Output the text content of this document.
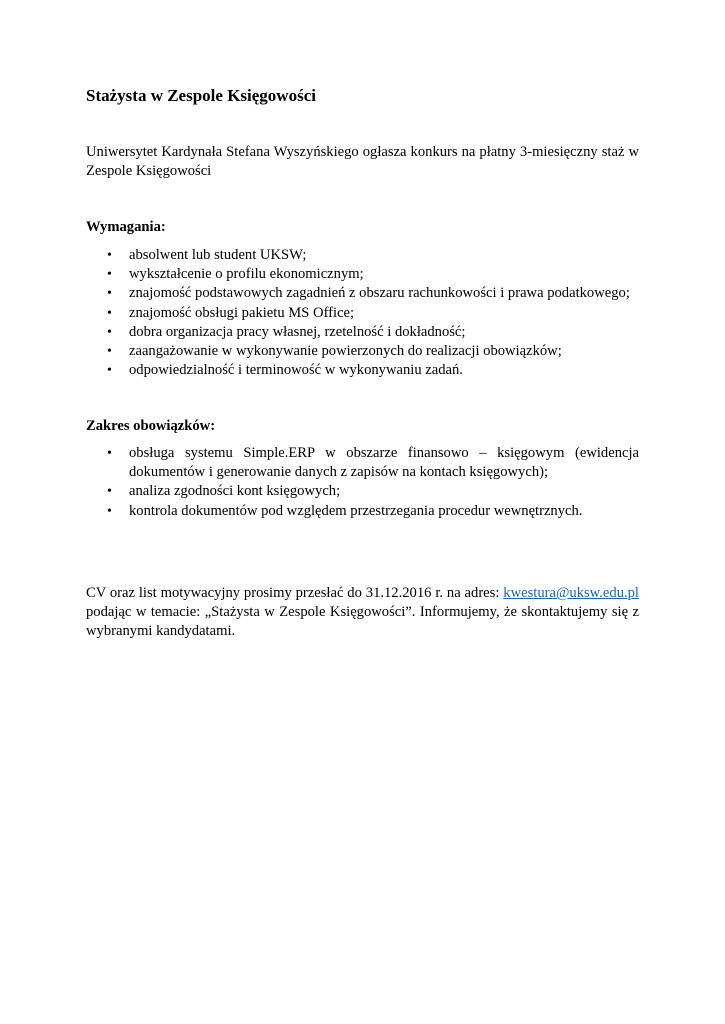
Stażysta w Zespole Księgowości

Uniwersytet Kardynała Stefana Wyszyńskiego ogłasza konkurs na płatny 3-miesięczny staż w Zespole Księgowości

Wymagania:
• absolwent lub student UKSW;
• wykształcenie o profilu ekonomicznym;
• znajomość podstawowych zagadnień z obszaru rachunkowości i prawa podatkowego;
• znajomość obsługi pakietu MS Office;
• dobra organizacja pracy własnej, rzetelność i dokładność;
• zaangażowanie w wykonywanie powierzonych do realizacji obowiązków;
• odpowiedzialność i terminowość w wykonywaniu zadań.
Zakres obowiązków:
• obsługa systemu Simple.ERP w obszarze finansowo – księgowym (ewidencja dokumentów i generowanie danych z zapisów na kontach księgowych);
• analiza zgodności kont księgowych;
• kontrola dokumentów pod względem przestrzegania procedur wewnętrznych.

CV oraz list motywacyjny prosimy przesłać do 31.12.2016 r. na adres: kwestura@uksw.edu.pl podając w temacie: „Stażysta w Zespole Księgowości”. Informujemy, że skontaktujemy się z wybranymi kandydatami.
